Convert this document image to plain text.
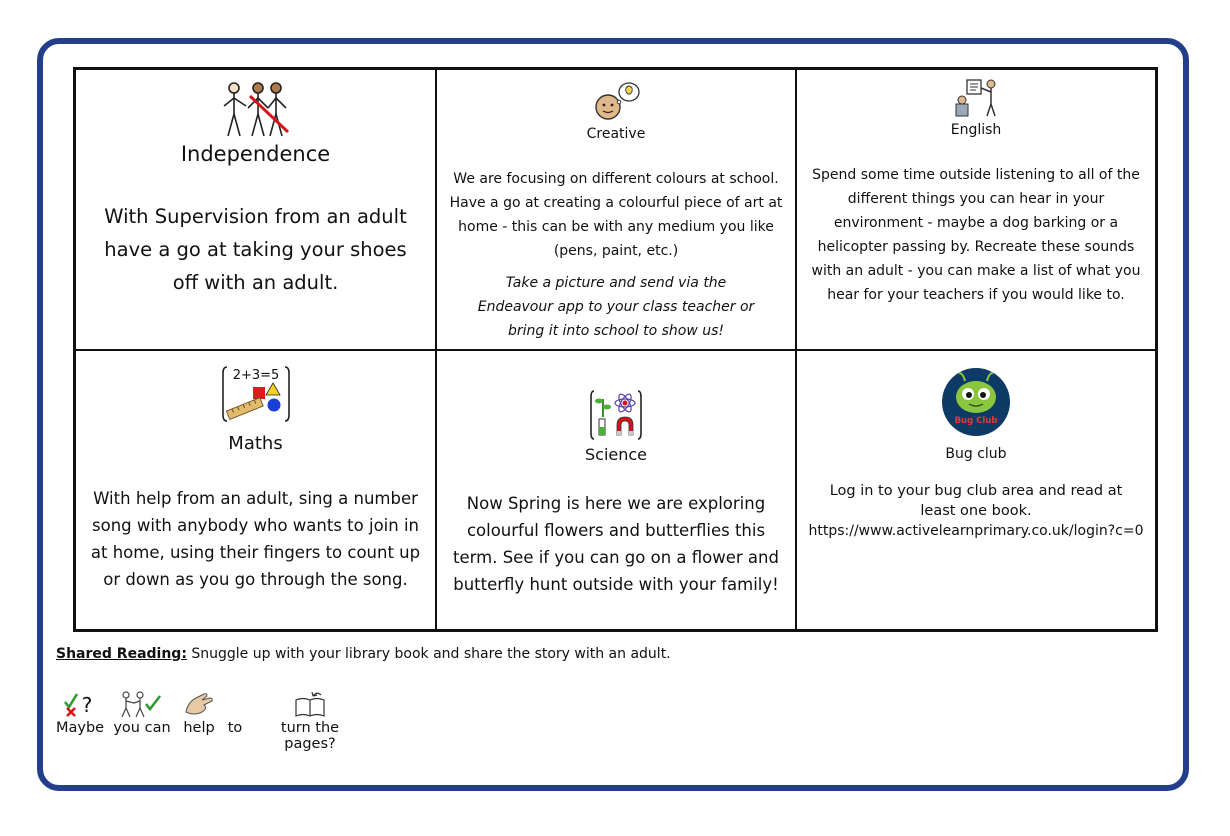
Independence
With Supervision from an adult have a go at taking your shoes off with an adult.
Creative
We are focusing on different colours at school. Have a go at creating a colourful piece of art at home - this can be with any medium you like (pens, paint, etc.)
Take a picture and send via the Endeavour app to your class teacher or bring it into school to show us!
English
Spend some time outside listening to all of the different things you can hear in your environment - maybe a dog barking or a helicopter passing by. Recreate these sounds with an adult - you can make a list of what you hear for your teachers if you would like to.
2+3=5
Maths
With help from an adult, sing a number song with anybody who wants to join in at home, using their fingers to count up or down as you go through the song.
Science
Now Spring is here we are exploring colourful flowers and butterflies this term. See if you can go on a flower and butterfly hunt outside with your family!
Bug Club
Bug club
Log in to your bug club area and read at
least one book.
https://www.activelearnprimary.co.uk/login?c=0
Shared Reading: Snuggle up with your library book and share the story with an adult.
?
Maybe you can help to	turn the pages?
